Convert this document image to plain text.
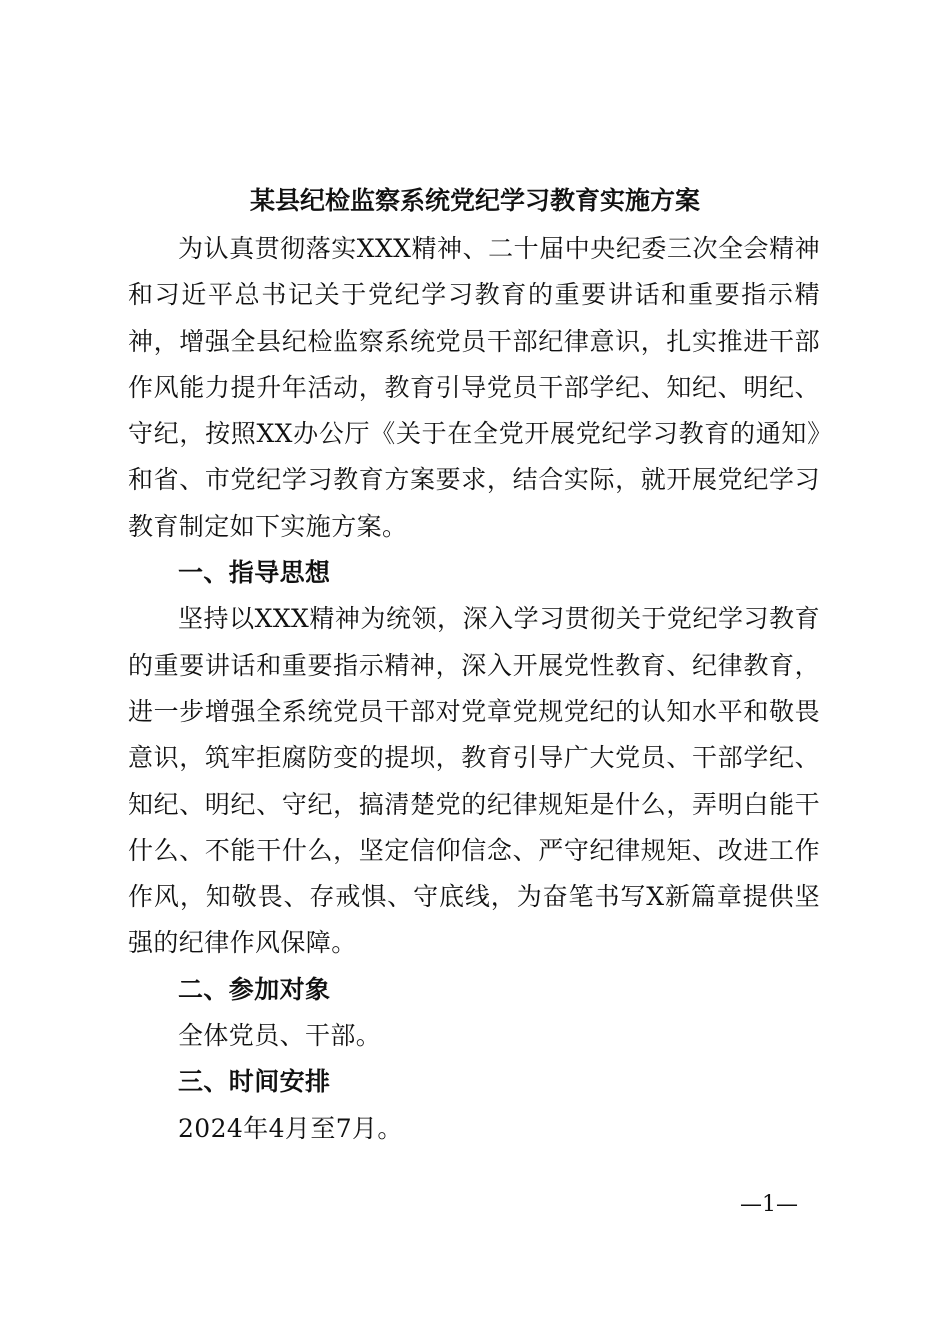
某县纪检监察系统党纪学习教育实施方案

为认真贯彻落实XXX精神、二十届中央纪委三次全会精神和习近平总书记关于党纪学习教育的重要讲话和重要指示精神，增强全县纪检监察系统党员干部纪律意识，扎实推进干部作风能力提升年活动，教育引导党员干部学纪、知纪、明纪、守纪，按照XX办公厅《关于在全党开展党纪学习教育的通知》和省、市党纪学习教育方案要求，结合实际，就开展党纪学习教育制定如下实施方案。

一、指导思想

坚持以XXX精神为统领，深入学习贯彻关于党纪学习教育的重要讲话和重要指示精神，深入开展党性教育、纪律教育，进一步增强全系统党员干部对党章党规党纪的认知水平和敬畏意识，筑牢拒腐防变的提坝，教育引导广大党员、干部学纪、知纪、明纪、守纪，搞清楚党的纪律规矩是什么，弄明白能干什么、不能干什么，坚定信仰信念、严守纪律规矩、改进工作作风，知敬畏、存戒惧、守底线，为奋笔书写X新篇章提供坚强的纪律作风保障。

二、参加对象

全体党员、干部。

三、时间安排

2024年4月至7月。

—1—
